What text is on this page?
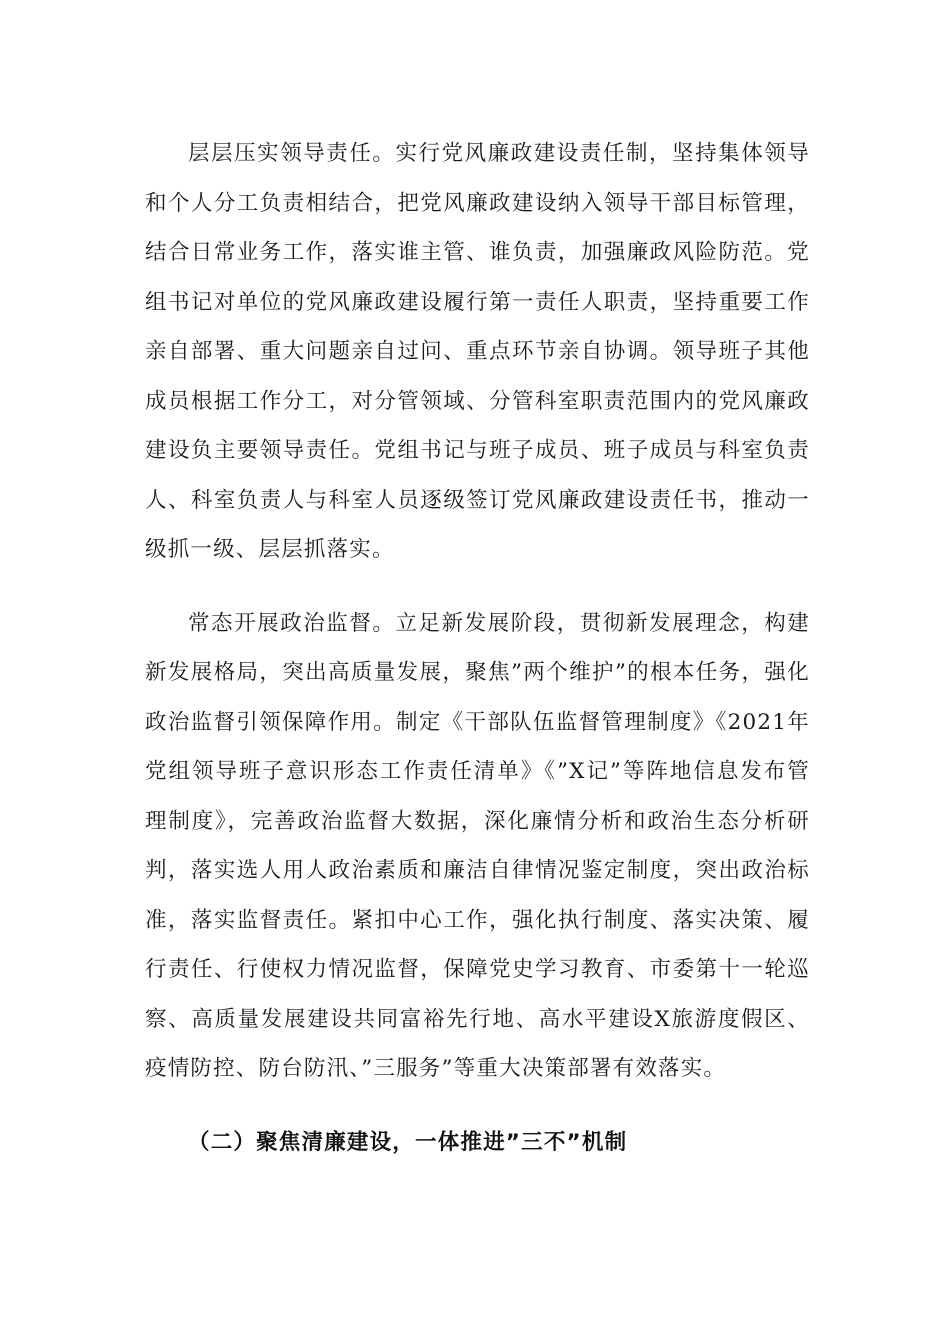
层层压实领导责任。实行党风廉政建设责任制，坚持集体领导和个人分工负责相结合，把党风廉政建设纳入领导干部目标管理，结合日常业务工作，落实谁主管、谁负责，加强廉政风险防范。党组书记对单位的党风廉政建设履行第一责任人职责，坚持重要工作亲自部署、重大问题亲自过问、重点环节亲自协调。领导班子其他成员根据工作分工，对分管领域、分管科室职责范围内的党风廉政建设负主要领导责任。党组书记与班子成员、班子成员与科室负责人、科室负责人与科室人员逐级签订党风廉政建设责任书，推动一级抓一级、层层抓落实。

常态开展政治监督。立足新发展阶段，贯彻新发展理念，构建新发展格局，突出高质量发展，聚焦”两个维护”的根本任务，强化政治监督引领保障作用。制定《干部队伍监督管理制度》《2021年党组领导班子意识形态工作责任清单》《”X记”等阵地信息发布管理制度》，完善政治监督大数据，深化廉情分析和政治生态分析研判，落实选人用人政治素质和廉洁自律情况鉴定制度，突出政治标准，落实监督责任。紧扣中心工作，强化执行制度、落实决策、履行责任、行使权力情况监督，保障党史学习教育、市委第十一轮巡察、高质量发展建设共同富裕先行地、高水平建设X旅游度假区、疫情防控、防台防汛、”三服务”等重大决策部署有效落实。

（二）聚焦清廉建设，一体推进”三不”机制
